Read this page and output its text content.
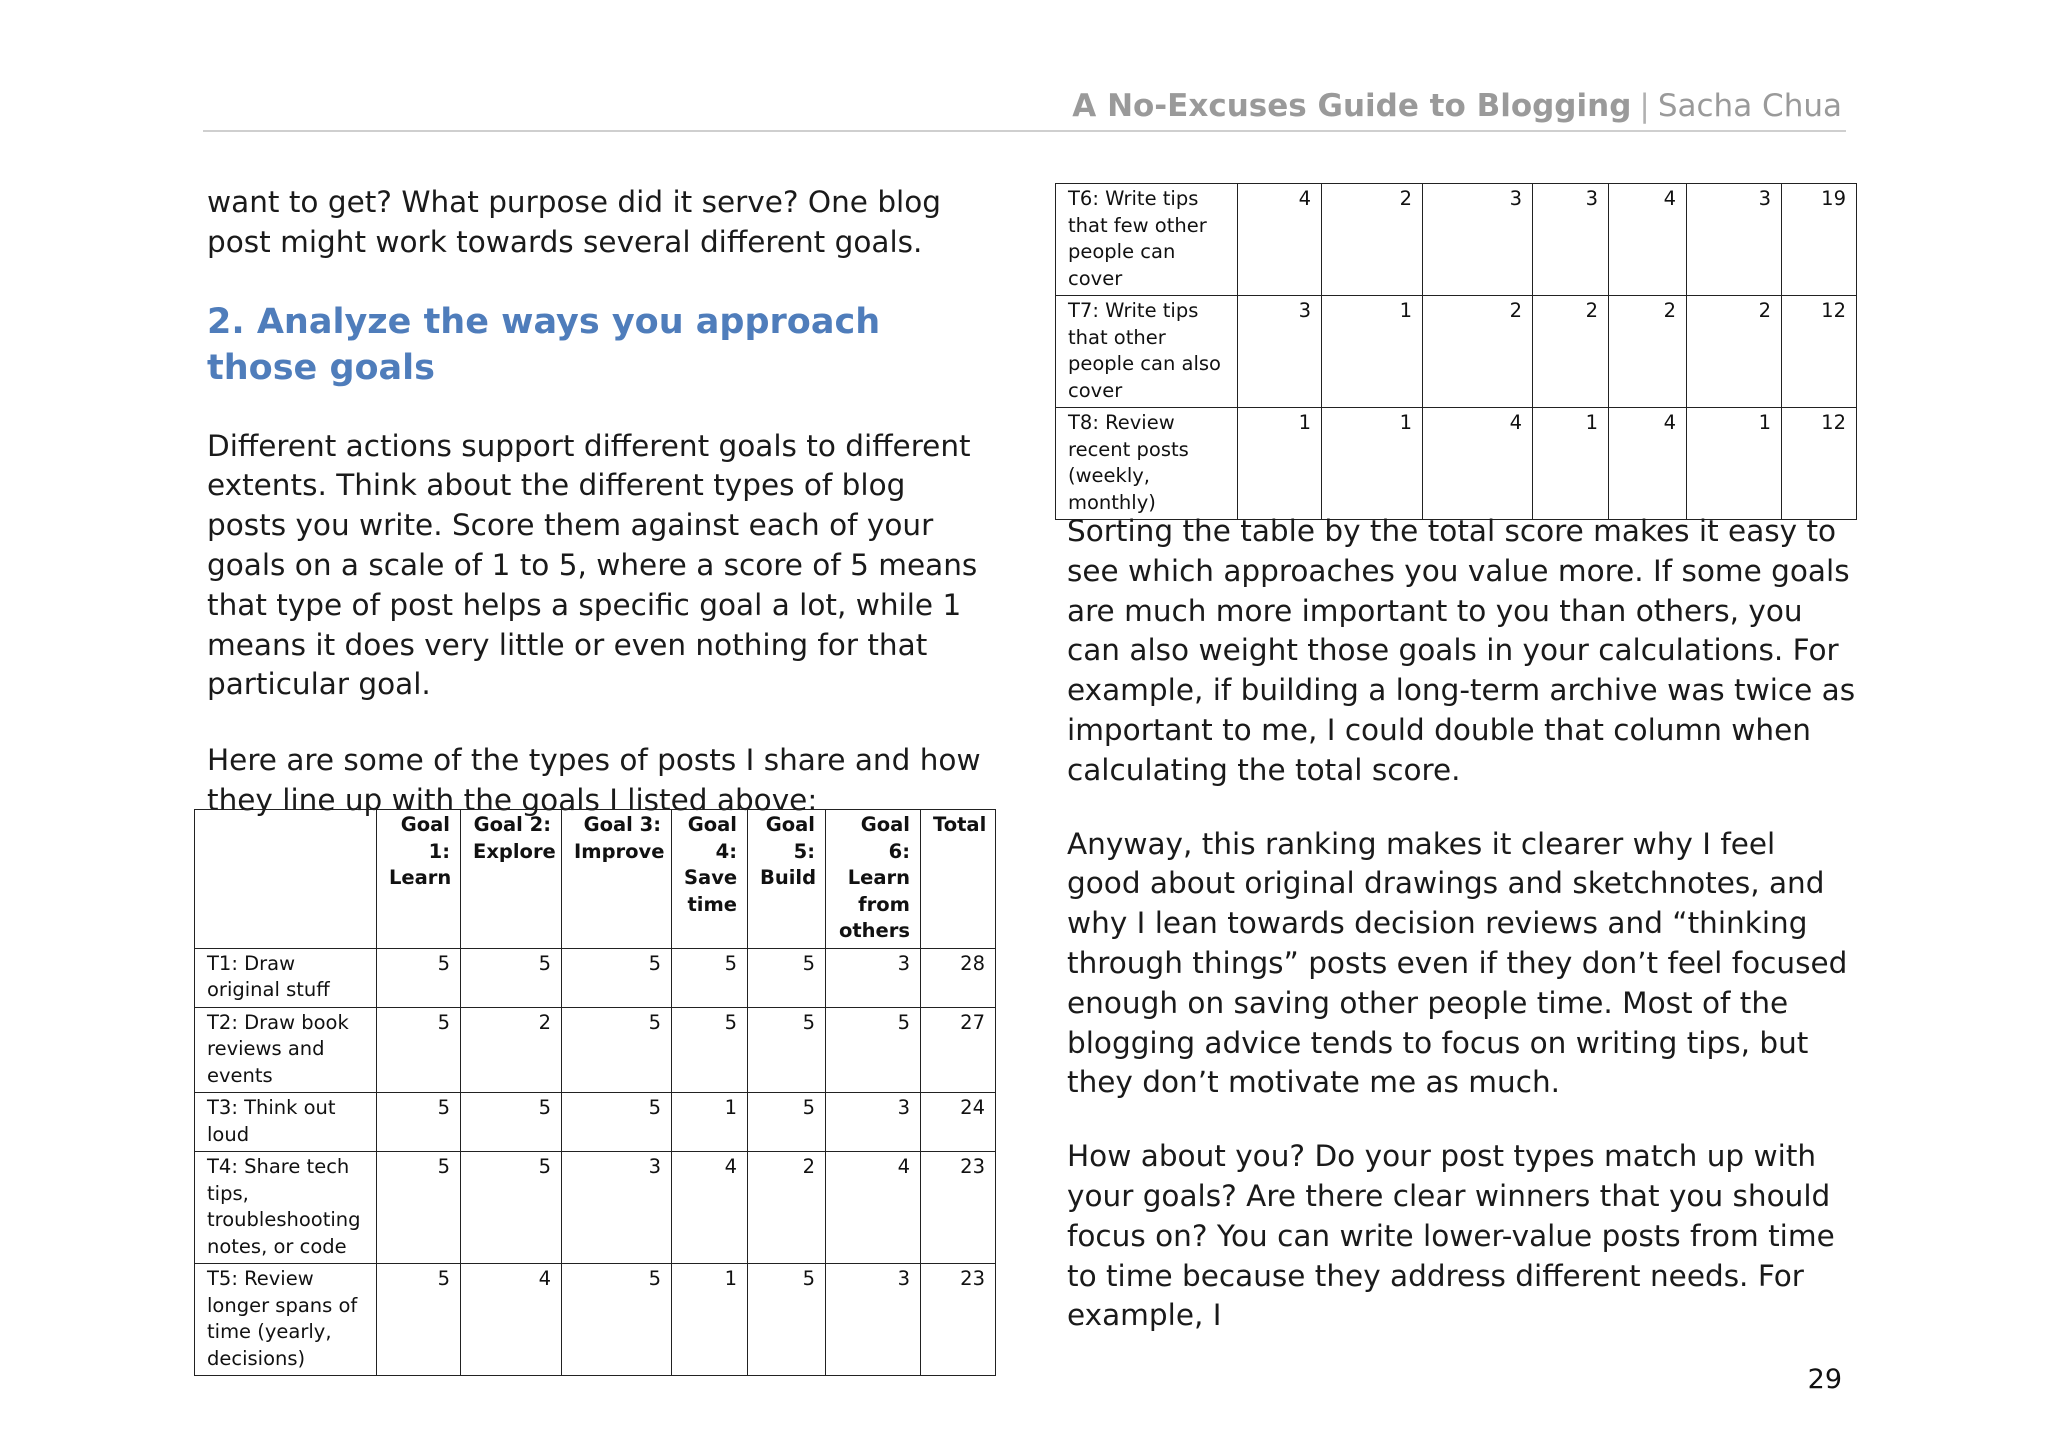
A No-Excuses Guide to Blogging | Sacha Chua

want to get? What purpose did it serve? One blog post might work towards several different goals.

2. Analyze the ways you approach those goals

Different actions support different goals to different extents. Think about the different types of blog posts you write. Score them against each of your goals on a scale of 1 to 5, where a score of 5 means that type of post helps a specific goal a lot, while 1 means it does very little or even nothing for that particular goal.

Here are some of the types of posts I share and how they line up with the goals I listed above:

	Goal 1: Learn	Goal 2: Explore	Goal 3: Improve	Goal 4: Save time	Goal 5: Build	Goal 6: Learn from others	Total
T1: Draw original stuff	5	5	5	5	5	3	28
T2: Draw book reviews and events	5	2	5	5	5	5	27
T3: Think out loud	5	5	5	1	5	3	24
T4: Share tech tips, troubleshooting notes, or code	5	5	3	4	2	4	23
T5: Review longer spans of time (yearly, decisions)	5	4	5	1	5	3	23
T6: Write tips that few other people can cover	4	2	3	3	4	3	19
T7: Write tips that other people can also cover	3	1	2	2	2	2	12
T8: Review recent posts (weekly, monthly)	1	1	4	1	4	1	12

Sorting the table by the total score makes it easy to see which approaches you value more. If some goals are much more important to you than others, you can also weight those goals in your calculations. For example, if building a long-term archive was twice as important to me, I could double that column when calculating the total score.

Anyway, this ranking makes it clearer why I feel good about original drawings and sketchnotes, and why I lean towards decision reviews and “thinking through things” posts even if they don’t feel focused enough on saving other people time. Most of the blogging advice tends to focus on writing tips, but they don’t motivate me as much.

How about you? Do your post types match up with your goals? Are there clear winners that you should focus on? You can write lower-value posts from time to time because they address different needs. For example, I

29
